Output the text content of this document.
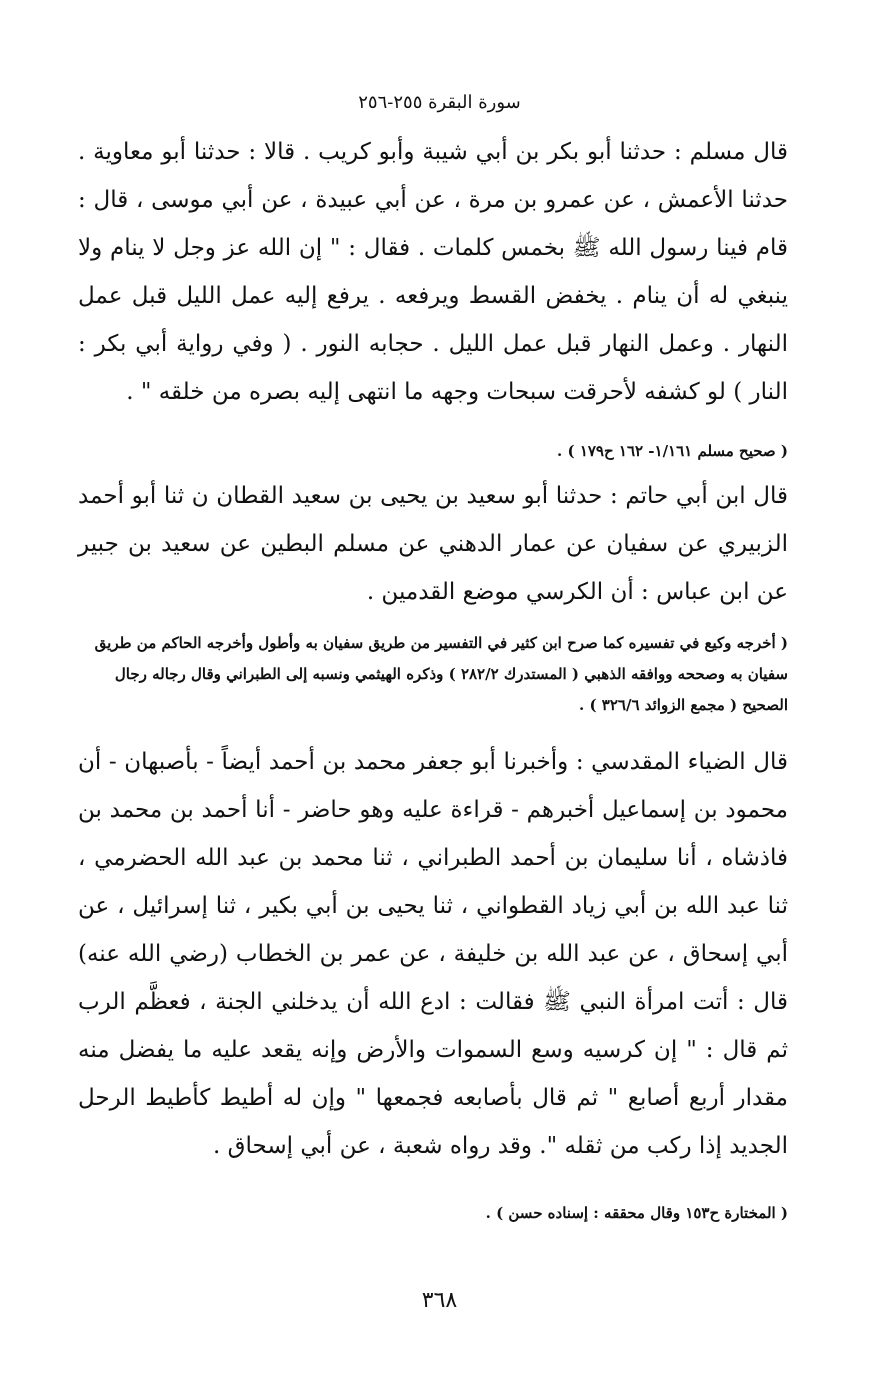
سورة البقرة ٢٥٥-٢٥٦

قال مسلم : حدثنا أبو بكر بن أبي شيبة وأبو كريب . قالا : حدثنا أبو معاوية . حدثنا الأعمش ، عن عمرو بن مرة ، عن أبي عبيدة ، عن أبي موسى ، قال : قام فينا رسول الله ﷺ بخمس كلمات . فقال : " إن الله عز وجل لا ينام ولا ينبغي له أن ينام . يخفض القسط ويرفعه . يرفع إليه عمل الليل قبل عمل النهار . وعمل النهار قبل عمل الليل . حجابه النور . ( وفي رواية أبي بكر : النار ) لو كشفه لأحرقت سبحات وجهه ما انتهى إليه بصره من خلقه " .

( صحيح مسلم ١/١٦١- ١٦٢ ح١٧٩ ) .

قال ابن أبي حاتم : حدثنا أبو سعيد بن يحيى بن سعيد القطان ن ثنا أبو أحمد الزبيري عن سفيان عن عمار الدهني عن مسلم البطين عن سعيد بن جبير عن ابن عباس : أن الكرسي موضع القدمين .

( أخرجه وكيع في تفسيره كما صرح ابن كثير في التفسير من طريق سفيان به وأطول وأخرجه الحاكم من طريق سفيان به وصححه ووافقه الذهبي ( المستدرك ٢٨٢/٢ ) وذكره الهيثمي ونسبه إلى الطبراني وقال رجاله رجال الصحيح ( مجمع الزوائد ٣٢٦/٦ ) .

قال الضياء المقدسي : وأخبرنا أبو جعفر محمد بن أحمد أيضاً - بأصبهان - أن محمود بن إسماعيل أخبرهم - قراءة عليه وهو حاضر - أنا أحمد بن محمد بن فاذشاه ، أنا سليمان بن أحمد الطبراني ، ثنا محمد بن عبد الله الحضرمي ، ثنا عبد الله بن أبي زياد القطواني ، ثنا يحيى بن أبي بكير ، ثنا إسرائيل ، عن أبي إسحاق ، عن عبد الله بن خليفة ، عن عمر بن الخطاب (رضي الله عنه) قال : أتت امرأة النبي ﷺ فقالت : ادع الله أن يدخلني الجنة ، فعظَّم الرب ثم قال : " إن كرسيه وسع السموات والأرض وإنه يقعد عليه ما يفضل منه مقدار أربع أصابع " ثم قال بأصابعه فجمعها " وإن له أطيط كأطيط الرحل الجديد إذا ركب من ثقله ". وقد رواه شعبة ، عن أبي إسحاق .

( المختارة ح١٥٣ وقال محققه : إسناده حسن ) .

٣٦٨
